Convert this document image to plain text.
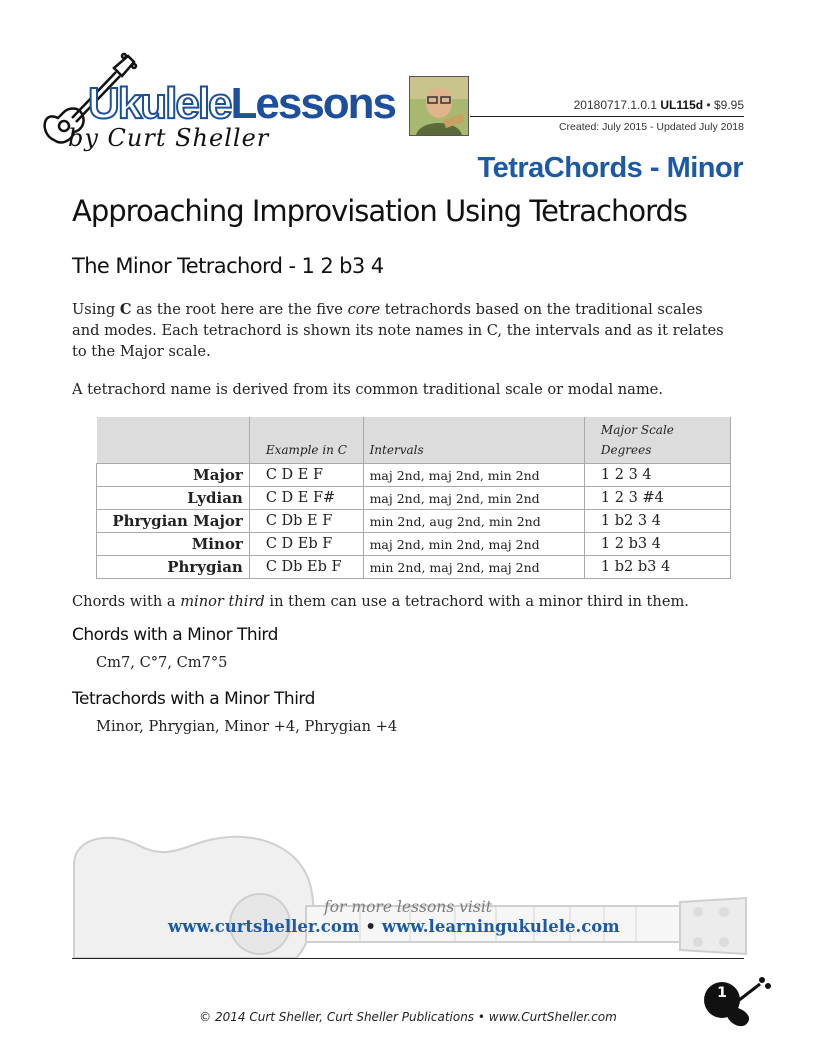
UkuleleLessons
by Curt Sheller
20180717.1.0.1 UL115d • $9.95
Created: July 2015 - Updated July 2018
TetraChords - Minor
Approaching Improvisation Using Tetrachords
The Minor Tetrachord - 1 2 b3 4

Using C as the root here are the five core tetrachords based on the traditional scales and modes. Each tetrachord is shown its note names in C, the intervals and as it relates to the Major scale.

A tetrachord name is derived from its common traditional scale or modal name.

	Example in C	Intervals	Major Scale
Degrees
Major	C D E F	maj 2nd, maj 2nd, min 2nd	1 2 3 4
Lydian	C D E F#	maj 2nd, maj 2nd, min 2nd	1 2 3 #4
Phrygian Major	C Db E F	min 2nd, aug 2nd, min 2nd	1 b2 3 4
Minor	C D Eb F	maj 2nd, min 2nd, maj 2nd	1 2 b3 4
Phrygian	C Db Eb F	min 2nd, maj 2nd, maj 2nd	1 b2 b3 4

Chords with a minor third in them can use a tetrachord with a minor third in them.

Chords with a Minor Third
Cm7, C°7, Cm7°5
Tetrachords with a Minor Third
Minor, Phrygian, Minor +4, Phrygian +4
for more lessons visit
www.curtsheller.com • www.learningukulele.com
© 2014 Curt Sheller, Curt Sheller Publications • www.CurtSheller.com
1
